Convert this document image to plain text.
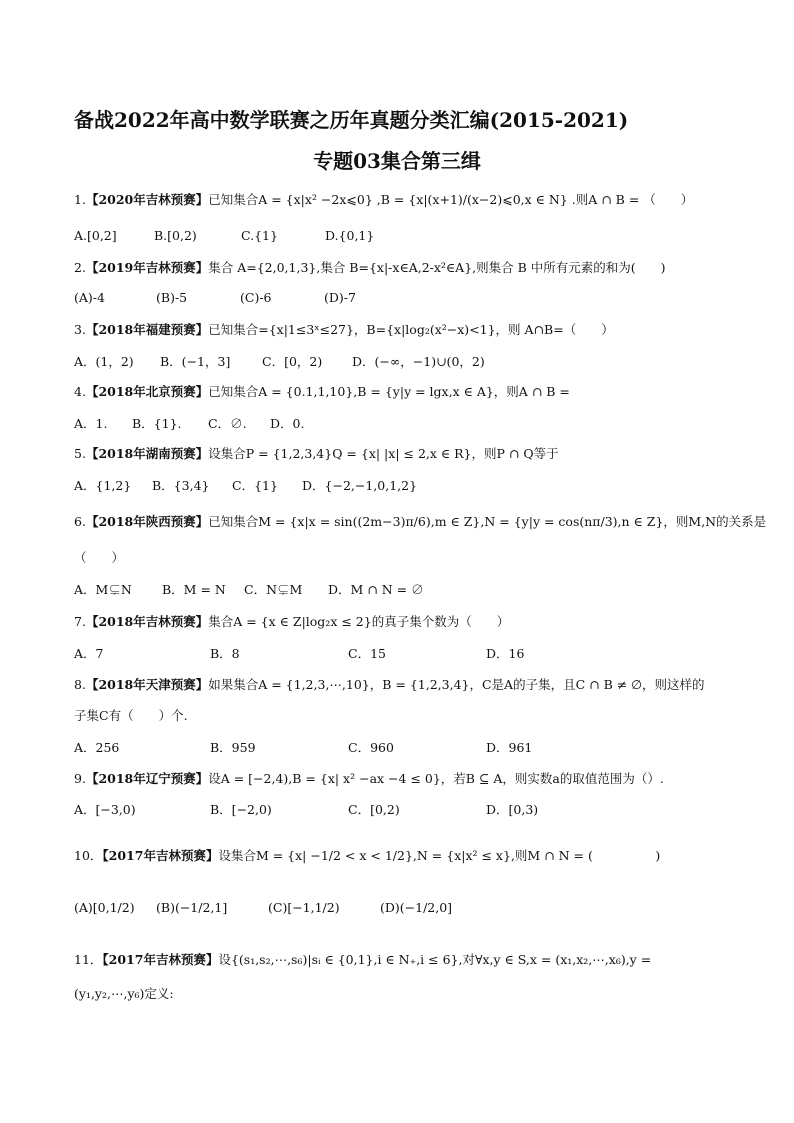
备战2022年高中数学联赛之历年真题分类汇编(2015-2021)
专题03集合第三缉
1.【2020年吉林预赛】已知集合A = {x|x² −2x⩽0} ,B = {x|(x+1)/(x−2)⩽0,x ∈ N} .则A ∩ B = （　　）
A.[0,2]	B.[0,2)	C.{1}	D.{0,1}
2.【2019年吉林预赛】集合 A={2,0,1,3},集合 B={x|-x∈A,2-x²∈A},则集合 B 中所有元素的和为(　　)
(A)-4	(B)-5	(C)-6	(D)-7
3.【2018年福建预赛】已知集合={x|1≤3ˣ≤27}，B={x|log₂(x²−x)<1}，则 A∩B=（　　）
A．(1，2) B．(−1，3]	C．[0，2) D．(−∞，−1)∪(0，2)
4.【2018年北京预赛】已知集合A = {0.1,1,10},B = {y|y = lgx,x ∈ A}，则A ∩ B =
A．1. B．{1}. C．∅. D．0.
5.【2018年湖南预赛】设集合P = {1,2,3,4}Q = {x| |x| ≤ 2,x ∈ R}，则P ∩ Q等于
A．{1,2} B．{3,4} C．{1} D．{−2,−1,0,1,2}
6.【2018年陕西预赛】已知集合M = {x|x = sin((2m−3)π/6),m ∈ Z},N = {y|y = cos(nπ/3),n ∈ Z}，则M,N的关系是
（　　）
A．M⊊N B．M = N C．N⊊M D．M ∩ N = ∅
7.【2018年吉林预赛】集合A = {x ∈ Z|log₂x ≤ 2}的真子集个数为（　　）
A．7	B．8	C．15	D．16
8.【2018年天津预赛】如果集合A = {1,2,3,⋯,10}，B = {1,2,3,4}，C是A的子集，且C ∩ B ≠ ∅，则这样的
子集C有（　　）个.
A．256	B．959	C．960	D．961
9.【2018年辽宁预赛】设A = [−2,4),B = {x| x² −ax −4 ≤ 0}，若B ⊆ A，则实数a的取值范围为（）.
A．[−3,0)	B．[−2,0)	C．[0,2)	D．[0,3)
10．【2017年吉林预赛】设集合M = {x| −1/2 < x < 1/2},N = {x|x² ≤ x},则M ∩ N = (　　　　　)
(A)[0,1/2) (B)(−1/2,1]	(C)[−1,1/2)	(D)(−1/2,0]
11．【2017年吉林预赛】设{(s₁,s₂,⋯,s₆)|sᵢ ∈ {0,1},i ∈ N₊,i ≤ 6},对∀x,y ∈ S,x = (x₁,x₂,⋯,x₆),y =
(y₁,y₂,⋯,y₆)定义:
